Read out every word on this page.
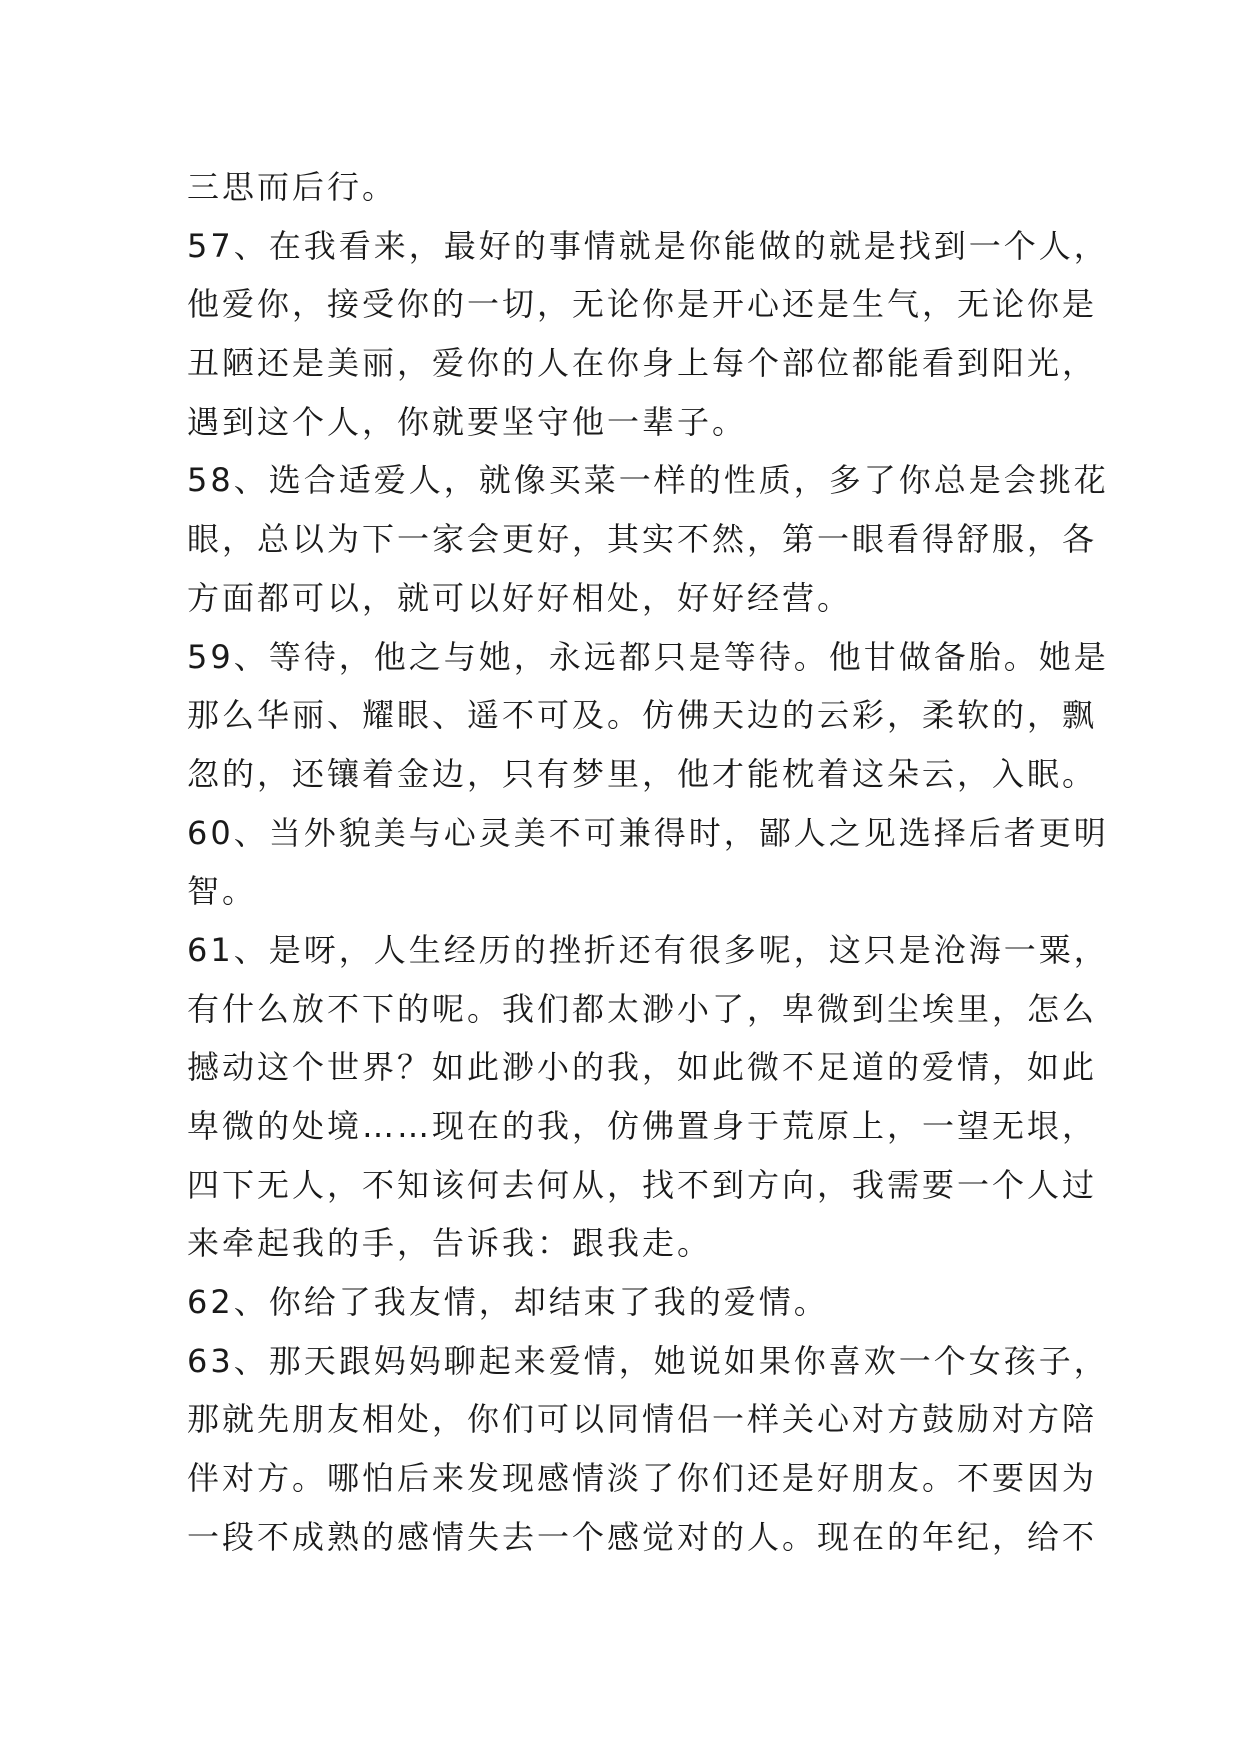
三思而后行。
57、在我看来，最好的事情就是你能做的就是找到一个人，
他爱你，接受你的一切，无论你是开心还是生气，无论你是
丑陋还是美丽，爱你的人在你身上每个部位都能看到阳光，
遇到这个人，你就要坚守他一辈子。
58、选合适爱人，就像买菜一样的性质，多了你总是会挑花
眼，总以为下一家会更好，其实不然，第一眼看得舒服，各
方面都可以，就可以好好相处，好好经营。
59、等待，他之与她，永远都只是等待。他甘做备胎。她是
那么华丽、耀眼、遥不可及。仿佛天边的云彩，柔软的，飘
忽的，还镶着金边，只有梦里，他才能枕着这朵云，入眠。
60、当外貌美与心灵美不可兼得时，鄙人之见选择后者更明
智。
61、是呀，人生经历的挫折还有很多呢，这只是沧海一粟，
有什么放不下的呢。我们都太渺小了，卑微到尘埃里，怎么
撼动这个世界？如此渺小的我，如此微不足道的爱情，如此
卑微的处境……现在的我，仿佛置身于荒原上，一望无垠，
四下无人，不知该何去何从，找不到方向，我需要一个人过
来牵起我的手，告诉我：跟我走。
62、你给了我友情，却结束了我的爱情。
63、那天跟妈妈聊起来爱情，她说如果你喜欢一个女孩子，
那就先朋友相处，你们可以同情侣一样关心对方鼓励对方陪
伴对方。哪怕后来发现感情淡了你们还是好朋友。不要因为
一段不成熟的感情失去一个感觉对的人。现在的年纪，给不
